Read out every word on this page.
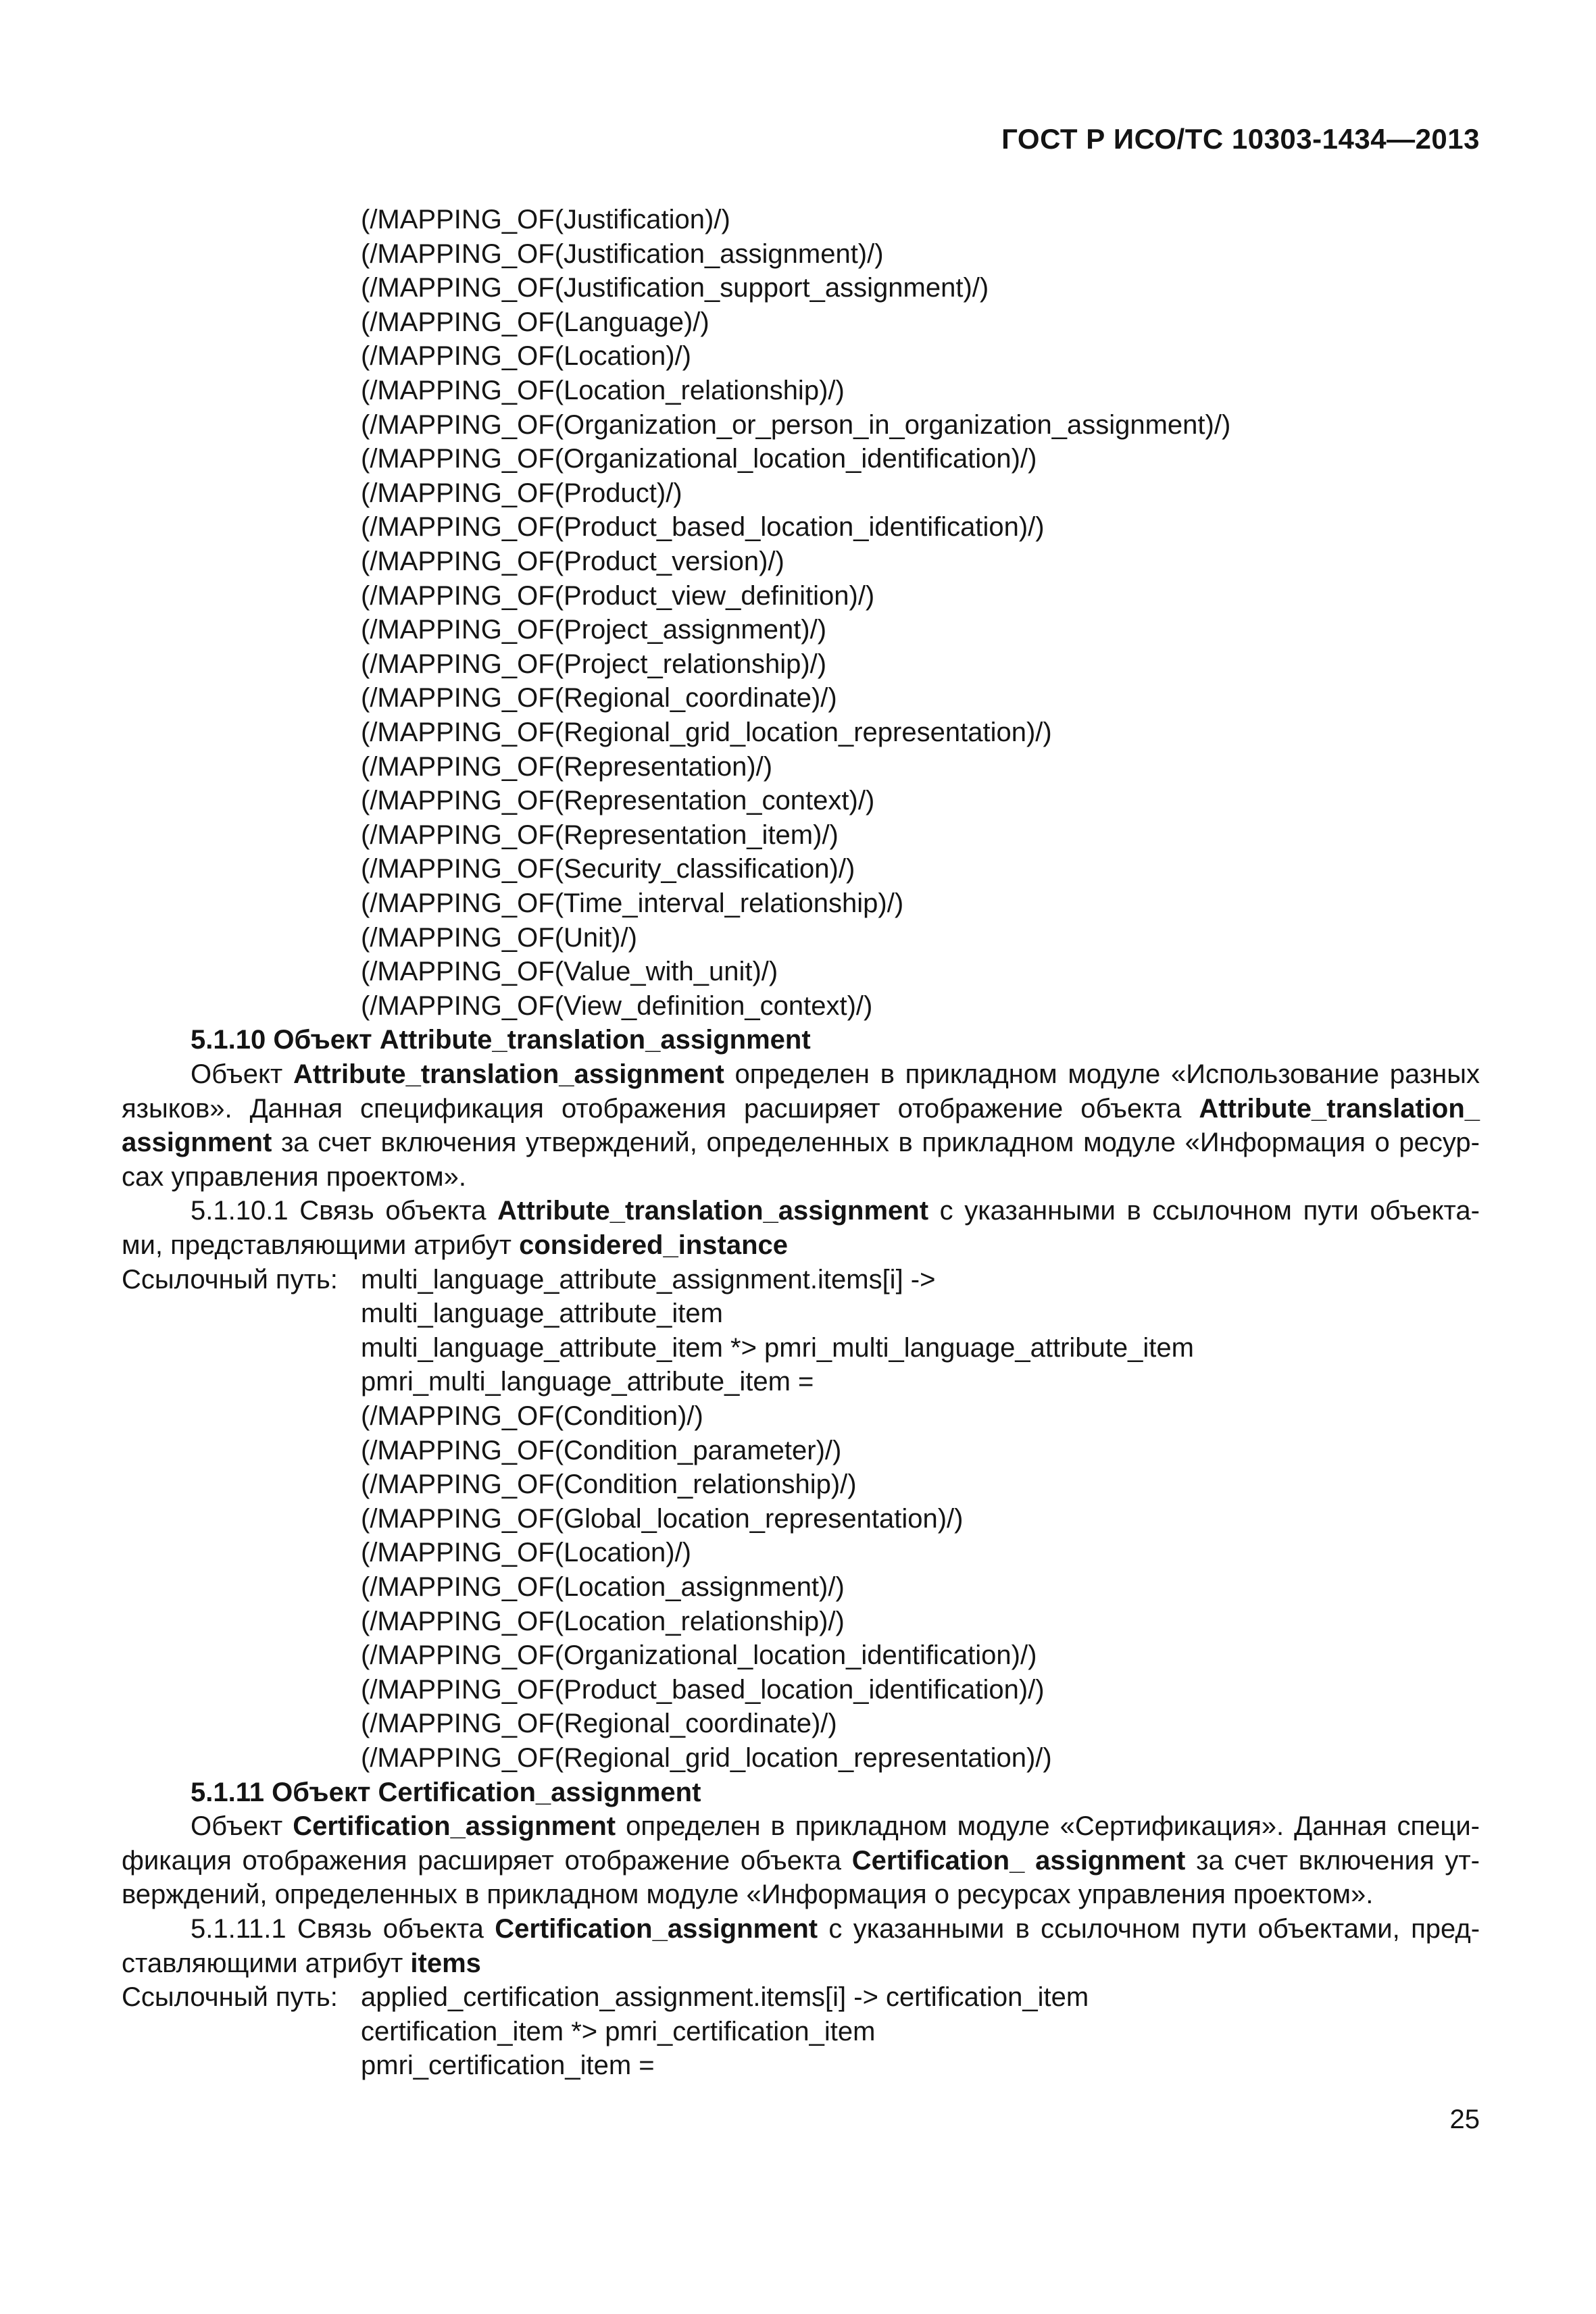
ГОСТ Р ИСО/ТС 10303-1434—2013
(/MAPPING_OF(Justification)/)
(/MAPPING_OF(Justification_assignment)/)
(/MAPPING_OF(Justification_support_assignment)/)
(/MAPPING_OF(Language)/)
(/MAPPING_OF(Location)/)
(/MAPPING_OF(Location_relationship)/)
(/MAPPING_OF(Organization_or_person_in_organization_assignment)/)
(/MAPPING_OF(Organizational_location_identification)/)
(/MAPPING_OF(Product)/)
(/MAPPING_OF(Product_based_location_identification)/)
(/MAPPING_OF(Product_version)/)
(/MAPPING_OF(Product_view_definition)/)
(/MAPPING_OF(Project_assignment)/)
(/MAPPING_OF(Project_relationship)/)
(/MAPPING_OF(Regional_coordinate)/)
(/MAPPING_OF(Regional_grid_location_representation)/)
(/MAPPING_OF(Representation)/)
(/MAPPING_OF(Representation_context)/)
(/MAPPING_OF(Representation_item)/)
(/MAPPING_OF(Security_classification)/)
(/MAPPING_OF(Time_interval_relationship)/)
(/MAPPING_OF(Unit)/)
(/MAPPING_OF(Value_with_unit)/)
(/MAPPING_OF(View_definition_context)/)
5.1.10 Объект Attribute_translation_assignment
Объект Attribute_translation_assignment определен в прикладном модуле «Использование разных
языков». Данная спецификация отображения расширяет отображение объекта Attribute_translation_
assignment за счет включения утверждений, определенных в прикладном модуле «Информация о ресур-
сах управления проектом».
5.1.10.1 Связь объекта Attribute_translation_assignment с указанными в ссылочном пути объекта-
ми, представляющими атрибут considered_instance
Ссылочный путь: multi_language_attribute_assignment.items[i] ->
multi_language_attribute_item
multi_language_attribute_item *> pmri_multi_language_attribute_item
pmri_multi_language_attribute_item =
(/MAPPING_OF(Condition)/)
(/MAPPING_OF(Condition_parameter)/)
(/MAPPING_OF(Condition_relationship)/)
(/MAPPING_OF(Global_location_representation)/)
(/MAPPING_OF(Location)/)
(/MAPPING_OF(Location_assignment)/)
(/MAPPING_OF(Location_relationship)/)
(/MAPPING_OF(Organizational_location_identification)/)
(/MAPPING_OF(Product_based_location_identification)/)
(/MAPPING_OF(Regional_coordinate)/)
(/MAPPING_OF(Regional_grid_location_representation)/)
5.1.11 Объект Certification_assignment
Объект Certification_assignment определен в прикладном модуле «Сертификация». Данная специ-
фикация отображения расширяет отображение объекта Certification_ assignment за счет включения ут-
верждений, определенных в прикладном модуле «Информация о ресурсах управления проектом».
5.1.11.1 Связь объекта Certification_assignment с указанными в ссылочном пути объектами, пред-
ставляющими атрибут items
Ссылочный путь: applied_certification_assignment.items[i] -> certification_item
certification_item *> pmri_certification_item
pmri_certification_item =
25
